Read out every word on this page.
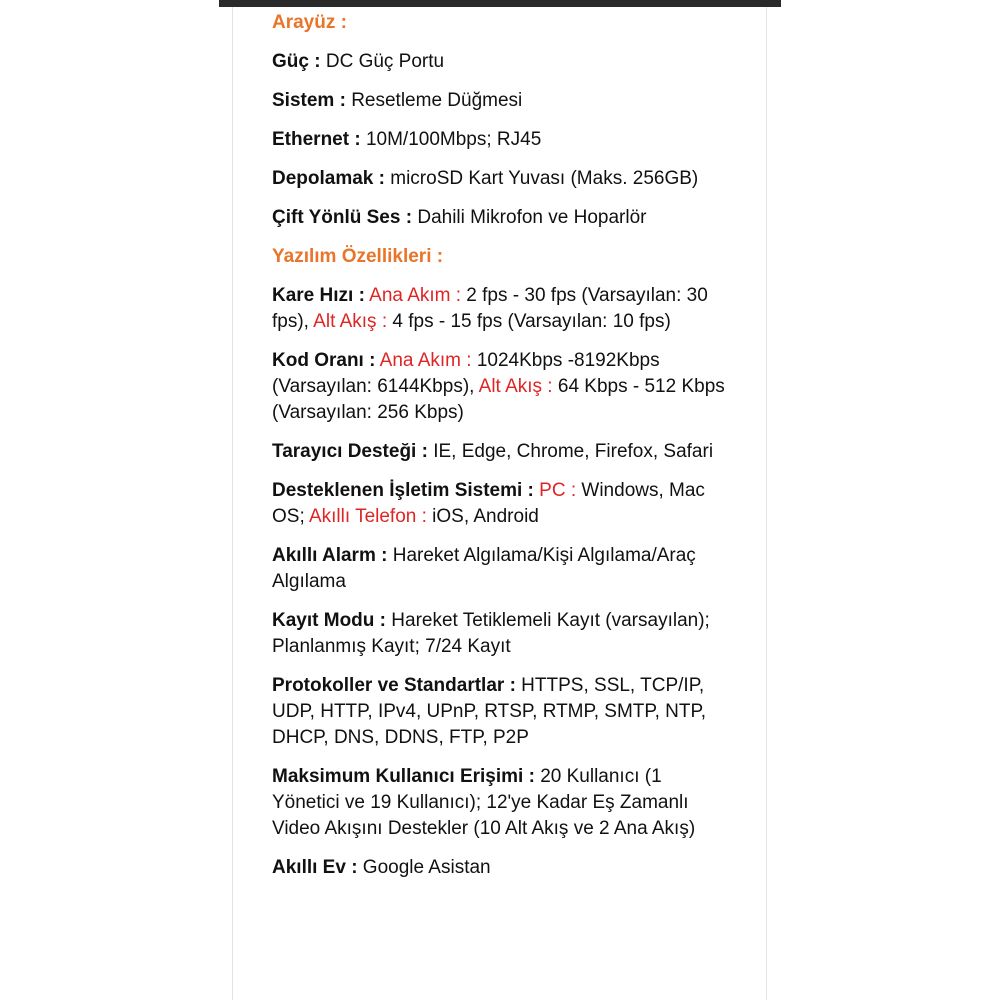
Arayüz :
Güç : DC Güç Portu
Sistem : Resetleme Düğmesi
Ethernet : 10M/100Mbps; RJ45
Depolamak : microSD Kart Yuvası (Maks. 256GB)
Çift Yönlü Ses : Dahili Mikrofon ve Hoparlör
Yazılım Özellikleri :
Kare Hızı : Ana Akım : 2 fps - 30 fps (Varsayılan: 30 fps), Alt Akış : 4 fps - 15 fps (Varsayılan: 10 fps)
Kod Oranı : Ana Akım : 1024Kbps -8192Kbps (Varsayılan: 6144Kbps), Alt Akış : 64 Kbps - 512 Kbps (Varsayılan: 256 Kbps)
Tarayıcı Desteği : IE, Edge, Chrome, Firefox, Safari
Desteklenen İşletim Sistemi : PC : Windows, Mac OS; Akıllı Telefon : iOS, Android
Akıllı Alarm : Hareket Algılama/Kişi Algılama/Araç Algılama
Kayıt Modu : Hareket Tetiklemeli Kayıt (varsayılan); Planlanmış Kayıt; 7/24 Kayıt
Protokoller ve Standartlar : HTTPS, SSL, TCP/IP, UDP, HTTP, IPv4, UPnP, RTSP, RTMP, SMTP, NTP, DHCP, DNS, DDNS, FTP, P2P
Maksimum Kullanıcı Erişimi : 20 Kullanıcı (1 Yönetici ve 19 Kullanıcı); 12'ye Kadar Eş Zamanlı Video Akışını Destekler (10 Alt Akış ve 2 Ana Akış)
Akıllı Ev : Google Asistan
